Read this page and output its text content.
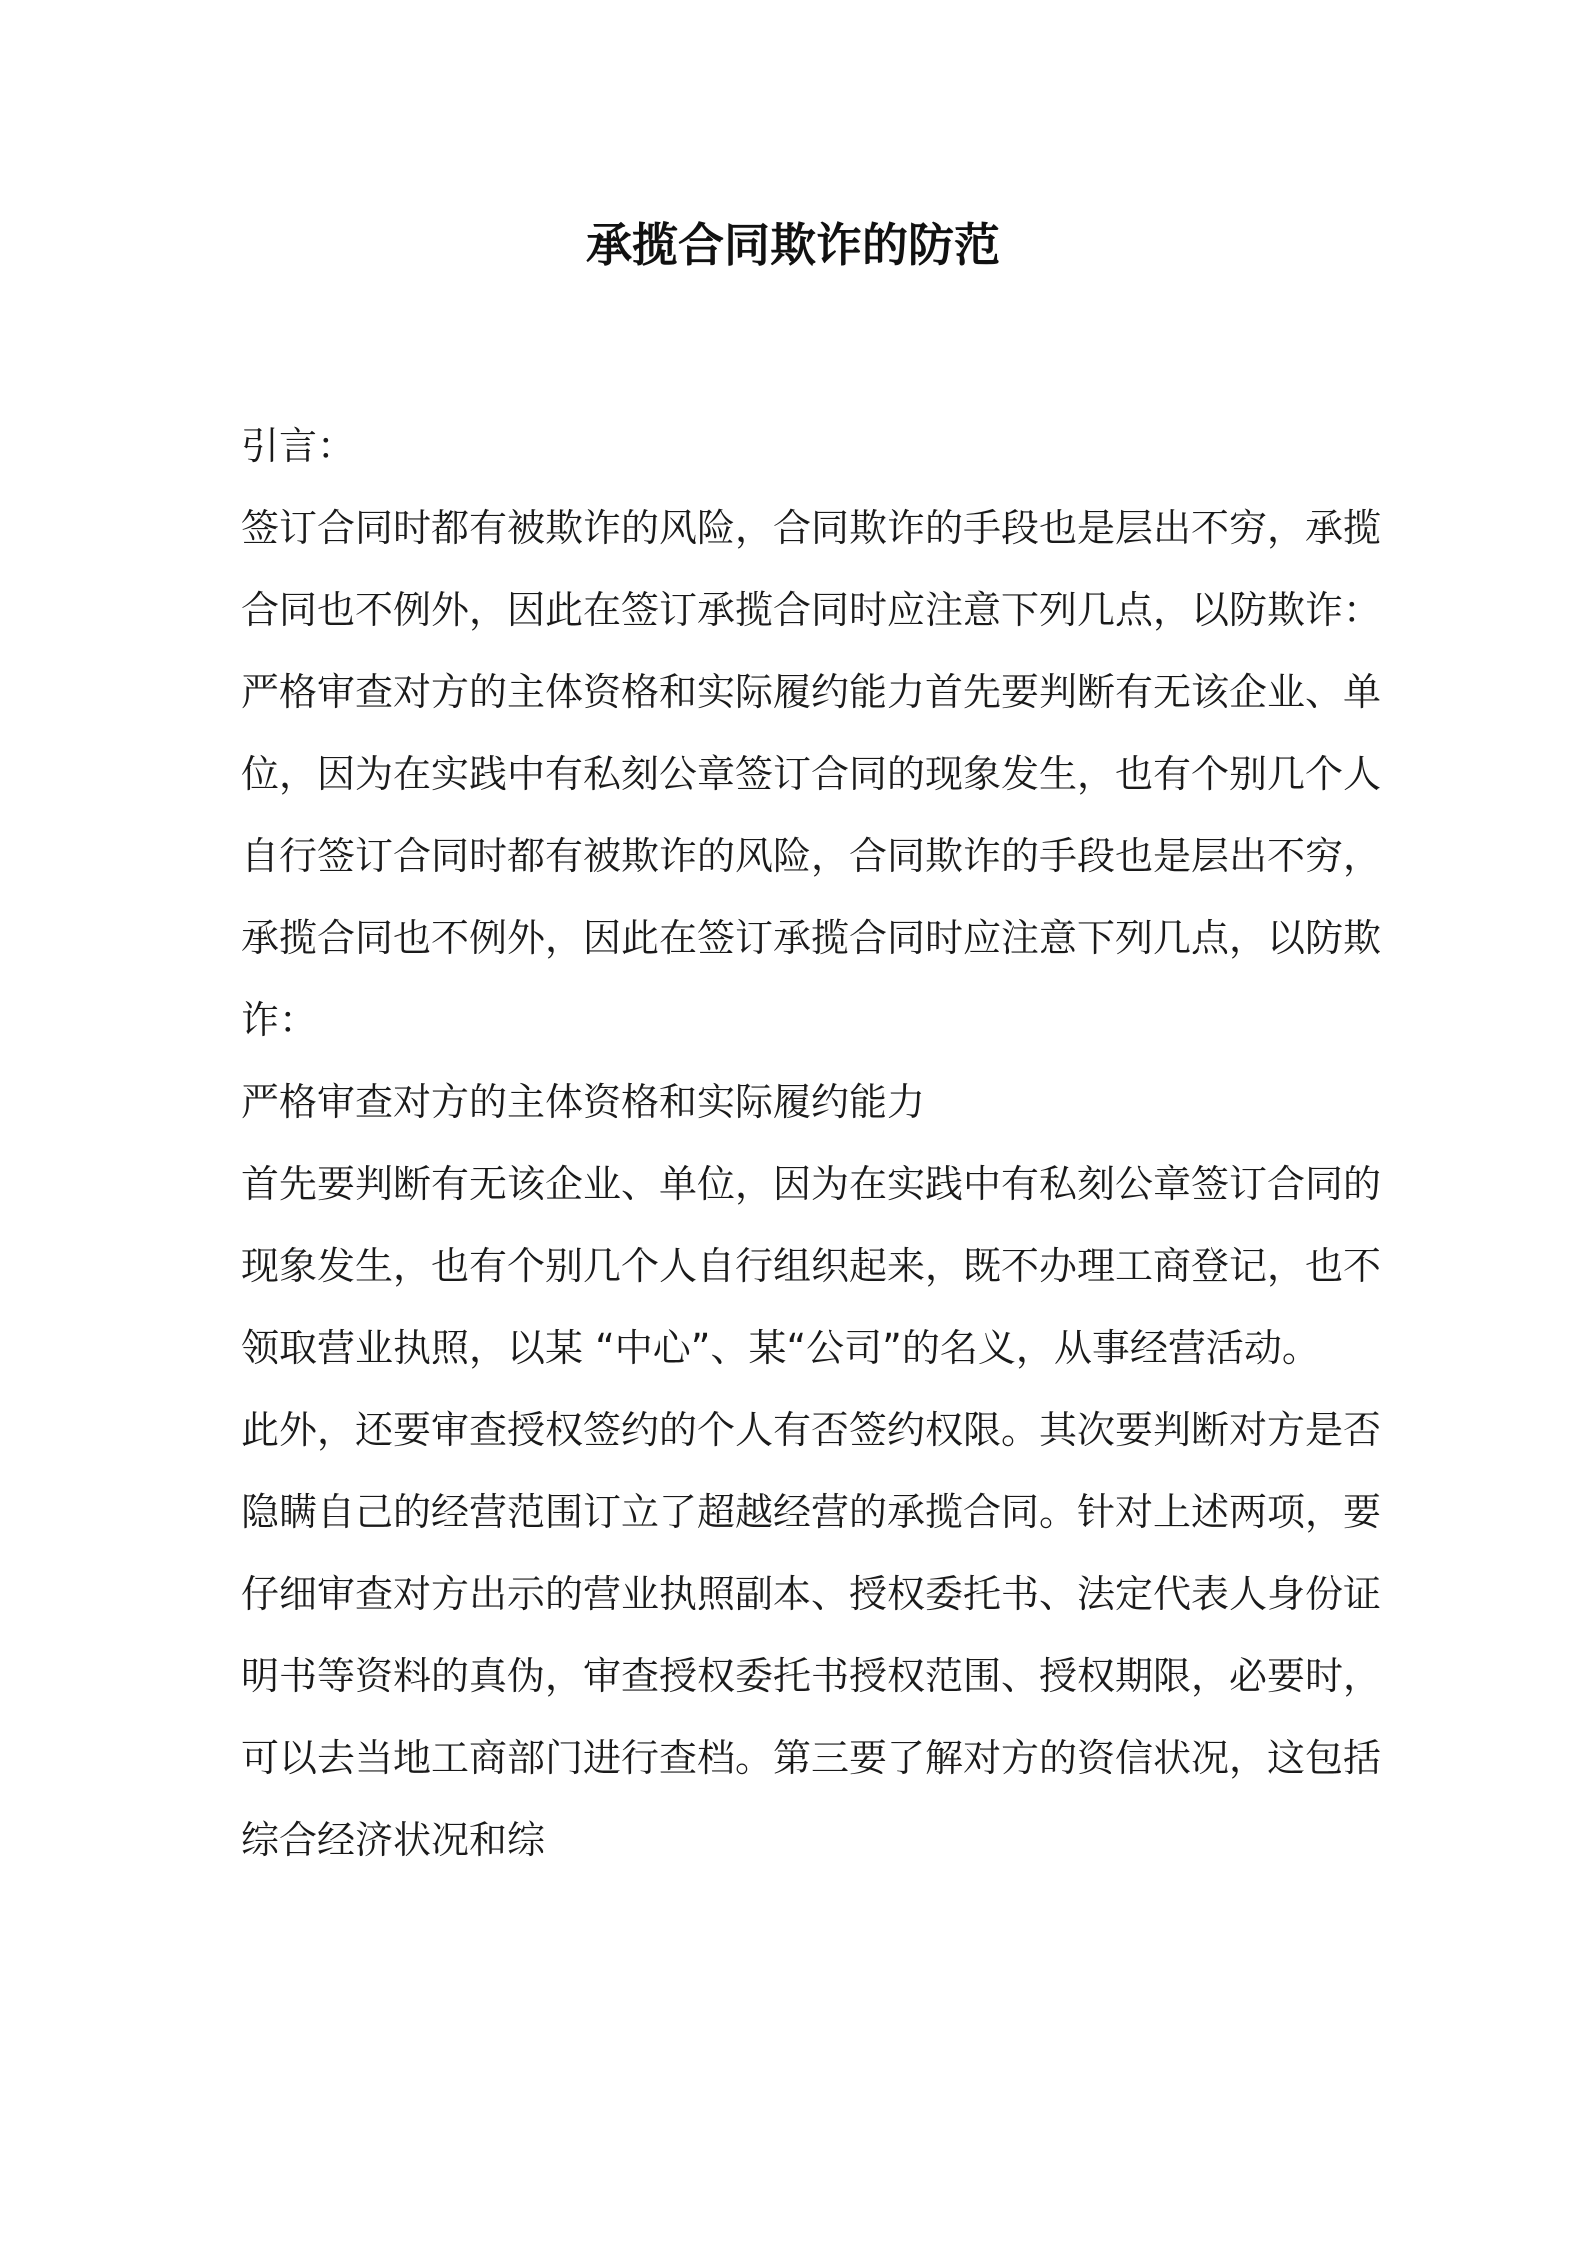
承揽合同欺诈的防范
引言：
签订合同时都有被欺诈的风险，合同欺诈的手段也是层出不穷，承揽
合同也不例外，因此在签订承揽合同时应注意下列几点，以防欺诈：
严格审查对方的主体资格和实际履约能力首先要判断有无该企业、单
位，因为在实践中有私刻公章签订合同的现象发生，也有个别几个人
自行签订合同时都有被欺诈的风险，合同欺诈的手段也是层出不穷，
承揽合同也不例外，因此在签订承揽合同时应注意下列几点，以防欺
诈：
严格审查对方的主体资格和实际履约能力
首先要判断有无该企业、单位，因为在实践中有私刻公章签订合同的
现象发生，也有个别几个人自行组织起来，既不办理工商登记，也不
领取营业执照，以某 “中心”、某“公司”的名义，从事经营活动。
此外，还要审查授权签约的个人有否签约权限。其次要判断对方是否
隐瞒自己的经营范围订立了超越经营的承揽合同。针对上述两项，要
仔细审查对方出示的营业执照副本、授权委托书、法定代表人身份证
明书等资料的真伪，审查授权委托书授权范围、授权期限，必要时，
可以去当地工商部门进行查档。第三要了解对方的资信状况，这包括
综合经济状况和综
